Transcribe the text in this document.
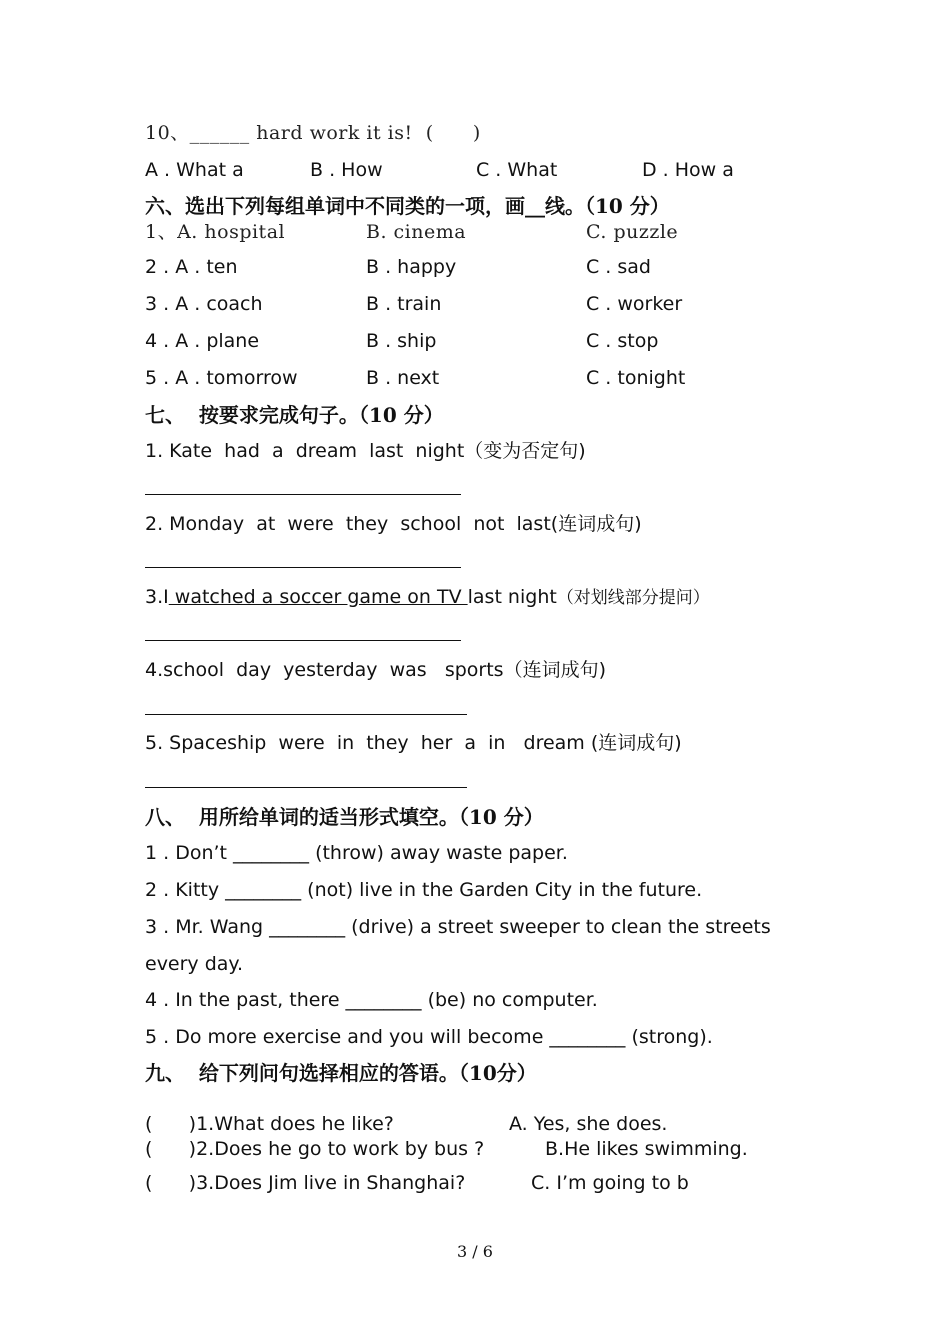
10、______ hard work it is!  (      )
A . What a	B . How	C . What	D . How a
六、选出下列每组单词中不同类的一项，画__线。（10 分）
1、A. hospital	B. cinema	C. puzzle
2 . A . ten	B . happy	C . sad
3 . A . coach	B . train	C . worker
4 . A . plane	B . ship	C . stop
5 . A . tomorrow	B . next	C . tonight
七、  按要求完成句子。（10 分）
1. Kate  had  a  dream  last  night（变为否定句)
2. Monday  at  were  they  school  not  last(连词成句)
3.I watched a soccer game on TV last night（对划线部分提问）
4.school  day  yesterday  was   sports（连词成句)
5. Spaceship  were  in  they  her  a  in   dream (连词成句)
八、  用所给单词的适当形式填空。（10 分）
1 . Don’t ________ (throw) away waste paper.
2 . Kitty ________ (not) live in the Garden City in the future.
3 . Mr. Wang ________ (drive) a street sweeper to clean the streets
every day.
4 . In the past, there ________ (be) no computer.
5 . Do more exercise and you will become ________ (strong).
九、  给下列问句选择相应的答语。（10分）
(      )1.What does he like?	A. Yes, she does.
(      )2.Does he go to work by bus ?	B.He likes swimming.
(      )3.Does Jim live in Shanghai?	C. I’m going to b
3 / 6
